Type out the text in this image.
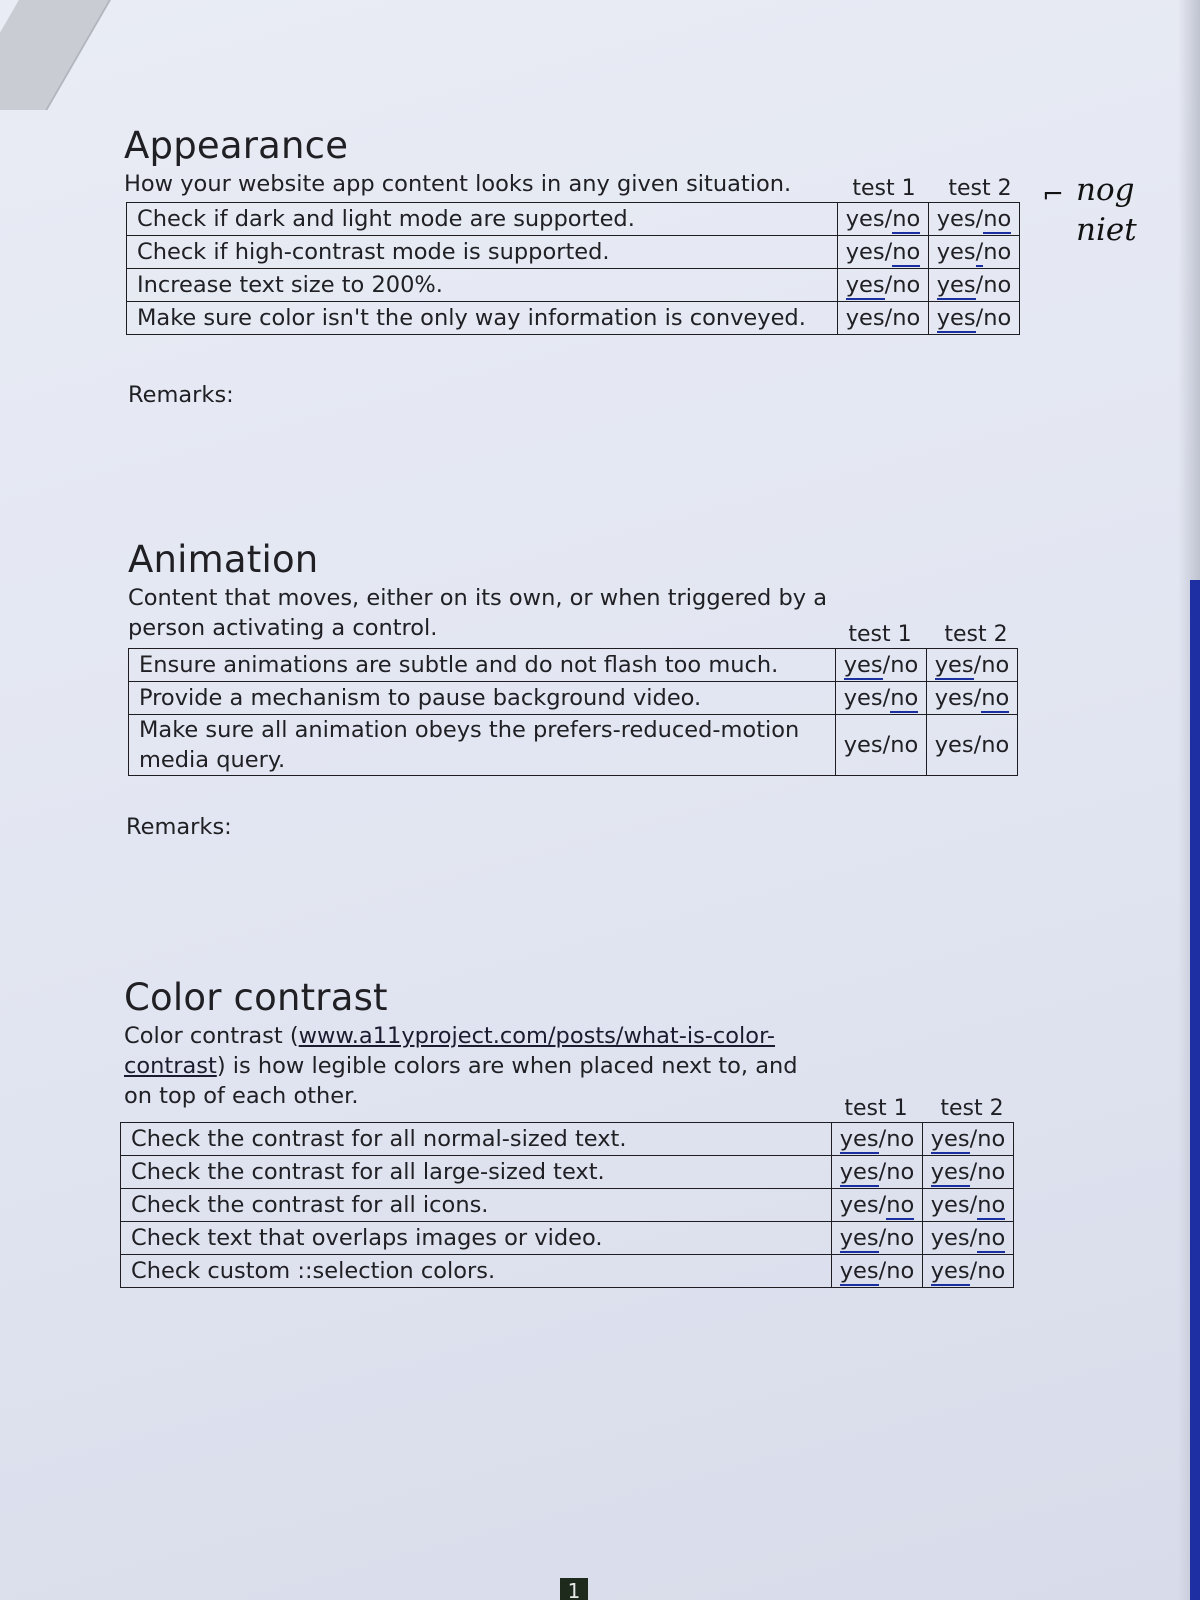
Appearance

How your website app content looks in any given situation.	test 1	test 2
Check if dark and light mode are supported.	yes/no	yes/no
Check if high-contrast mode is supported.	yes/no	yes/no
Increase text size to 200%.	yes/no	yes/no
Make sure color isn't the only way information is conveyed.	yes/no	yes/no
Remarks:
⌐ nog
niet
Animation

Content that moves, either on its own, or when triggered by a person activating a control.	test 1	test 2
Ensure animations are subtle and do not flash too much.	yes/no	yes/no
Provide a mechanism to pause background video.	yes/no	yes/no
Make sure all animation obeys the prefers-reduced-motion media query.	yes/no	yes/no
Remarks:
Color contrast

Color contrast (www.a11yproject.com/posts/what-is-color-contrast) is how legible colors are when placed next to, and on top of each other.	test 1	test 2
Check the contrast for all normal-sized text.	yes/no	yes/no
Check the contrast for all large-sized text.	yes/no	yes/no
Check the contrast for all icons.	yes/no	yes/no
Check text that overlaps images or video.	yes/no	yes/no
Check custom ::selection colors.	yes/no	yes/no
1
